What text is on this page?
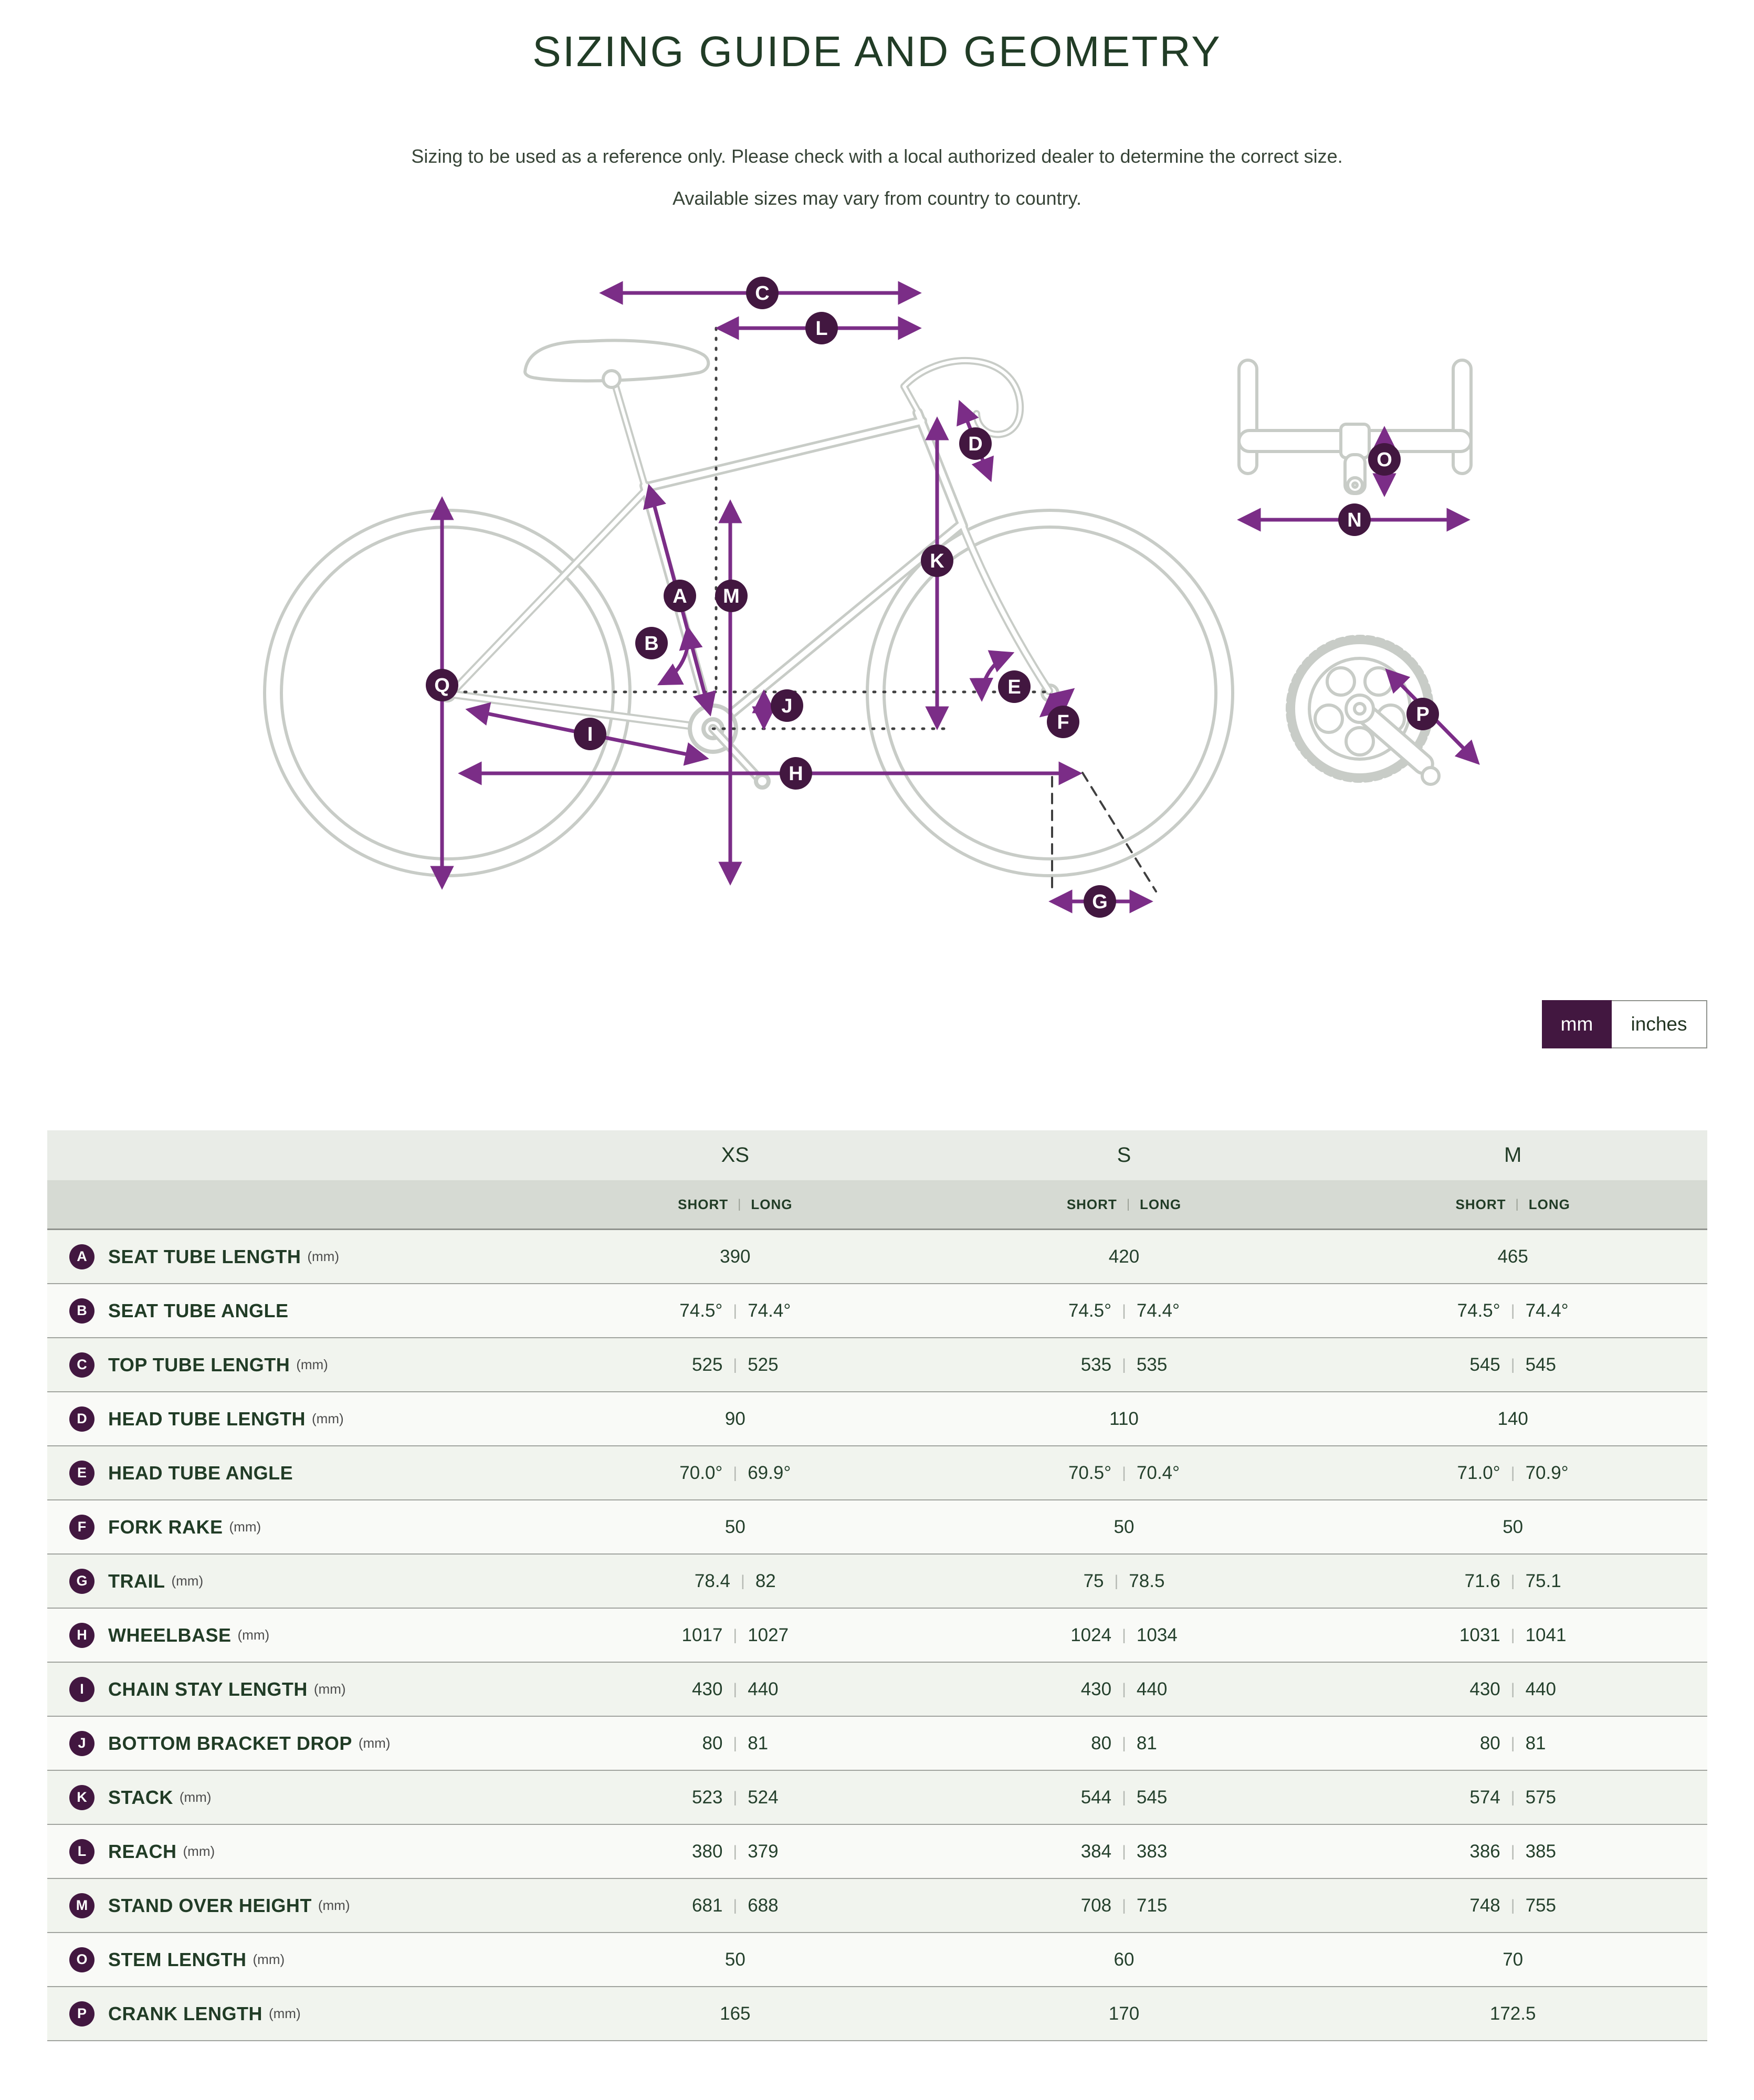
SIZING GUIDE AND GEOMETRY

Sizing to be used as a reference only. Please check with a local authorized dealer to determine the correct size.
Available sizes may vary from country to country.

C
L
D
A M
B
K
Q	E
F
J
I
H
G
O
N
P
mm	inches
XS	S	M
SHORT | LONG	SHORT | LONG	SHORT | LONG
A	SEAT TUBE LENGTH (mm)	390	420	465
B	SEAT TUBE ANGLE	74.5° | 74.4°	74.5° | 74.4°	74.5° | 74.4°
C	TOP TUBE LENGTH (mm)	525 | 525	535 | 535	545 | 545
D	HEAD TUBE LENGTH (mm)	90	110	140
E	HEAD TUBE ANGLE	70.0° | 69.9°	70.5° | 70.4°	71.0° | 70.9°
F	FORK RAKE (mm)	50	50	50
G	TRAIL (mm)	78.4 | 82	75 | 78.5	71.6 | 75.1
H	WHEELBASE (mm)	1017 | 1027	1024 | 1034	1031 | 1041
I	CHAIN STAY LENGTH (mm)	430 | 440	430 | 440	430 | 440
J	BOTTOM BRACKET DROP (mm)	80 | 81	80 | 81	80 | 81
K	STACK (mm)	523 | 524	544 | 545	574 | 575
L	REACH (mm)	380 | 379	384 | 383	386 | 385
M	STAND OVER HEIGHT (mm)	681 | 688	708 | 715	748 | 755
O	STEM LENGTH (mm)	50	60	70
P	CRANK LENGTH (mm)	165	170	172.5
